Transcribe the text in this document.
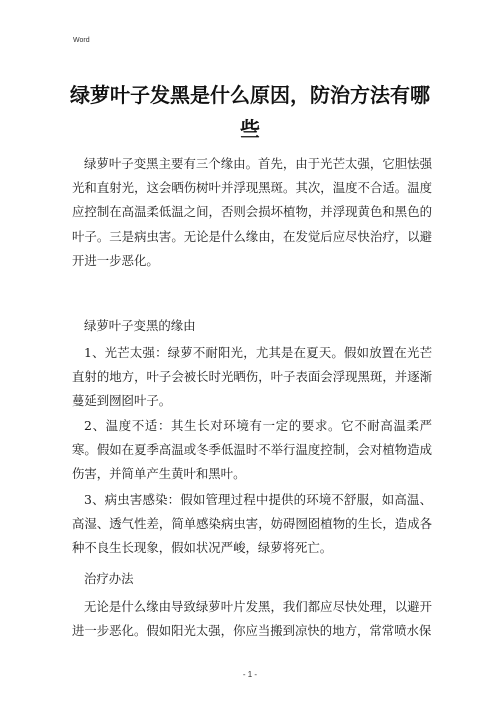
Word
绿萝叶子发黑是什么原因，防治方法有哪些
绿萝叶子变黑主要有三个缘由。首先，由于光芒太强，它胆怯强光和直射光，这会晒伤树叶并浮现黑斑。其次，温度不合适。温度应控制在高温柔低温之间，否则会损坏植物，并浮现黄色和黑色的叶子。三是病虫害。无论是什么缘由，在发觉后应尽快治疗，以避开进一步恶化。
绿萝叶子变黑的缘由
1、光芒太强：绿萝不耐阳光，尤其是在夏天。假如放置在光芒直射的地方，叶子会被长时光晒伤，叶子表面会浮现黑斑，并逐渐蔓延到囫囵叶子。
2、温度不适：其生长对环境有一定的要求。它不耐高温柔严寒。假如在夏季高温或冬季低温时不举行温度控制，会对植物造成伤害，并简单产生黄叶和黑叶。
3、病虫害感染：假如管理过程中提供的环境不舒服，如高温、高湿、透气性差，简单感染病虫害，妨碍囫囵植物的生长，造成各种不良生长现象，假如状况严峻，绿萝将死亡。
治疗办法
无论是什么缘由导致绿萝叶片发黑，我们都应尽快处理，以避开进一步恶化。假如阳光太强，你应当搬到凉快的地方，常常喷水保
- 1 -
